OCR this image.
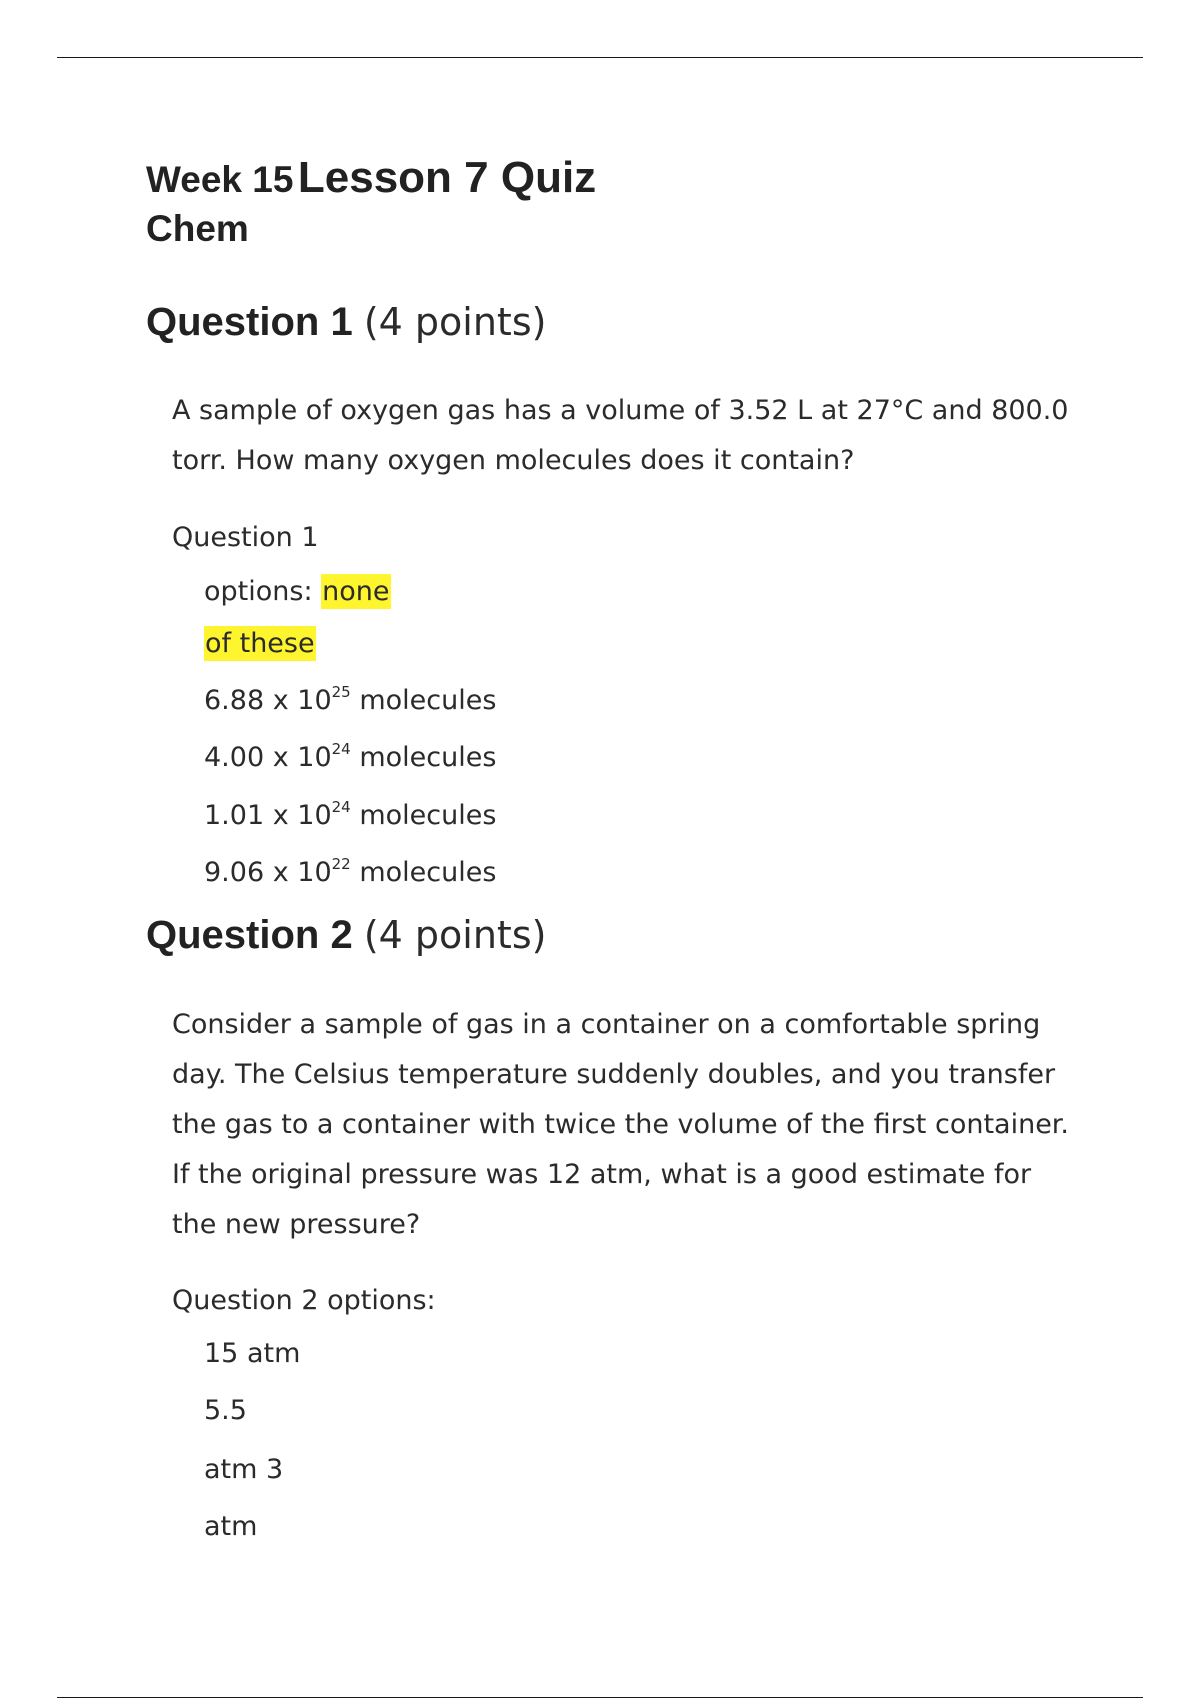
Week 15 Lesson 7 Quiz
Chem
Question 1 (4 points)
A sample of oxygen gas has a volume of 3.52 L at 27°C and 800.0 torr. How many oxygen molecules does it contain?
Question 1
options: none
of these
6.88 x $10^{25}$ molecules
4.00 x $10^{24}$ molecules
1.01 x $10^{24}$ molecules
9.06 x $10^{22}$ molecules
Question 2 (4 points)
Consider a sample of gas in a container on a comfortable spring day. The Celsius temperature suddenly doubles, and you transfer the gas to a container with twice the volume of the first container. If the original pressure was 12 atm, what is a good estimate for the new pressure?
Question 2 options:
15 atm
5.5
atm 3
atm
